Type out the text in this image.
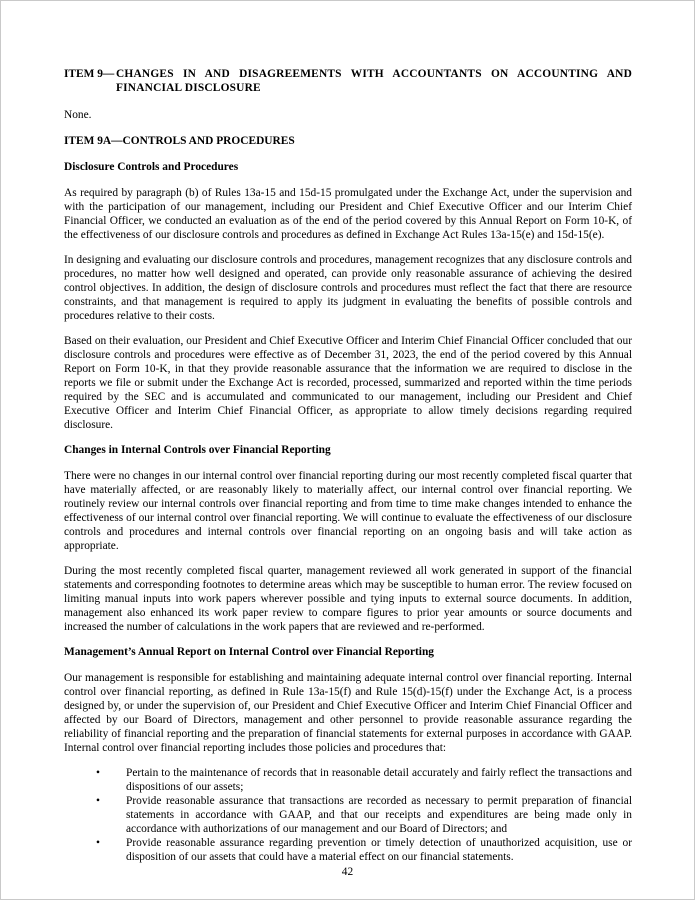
ITEM 9— CHANGES IN AND DISAGREEMENTS WITH ACCOUNTANTS ON ACCOUNTING AND FINANCIAL DISCLOSURE

None.

ITEM 9A—CONTROLS AND PROCEDURES
Disclosure Controls and Procedures

As required by paragraph (b) of Rules 13a-15 and 15d-15 promulgated under the Exchange Act, under the supervision and with the participation of our management, including our President and Chief Executive Officer and our Interim Chief Financial Officer, we conducted an evaluation as of the end of the period covered by this Annual Report on Form 10-K, of the effectiveness of our disclosure controls and procedures as defined in Exchange Act Rules 13a-15(e) and 15d-15(e).

In designing and evaluating our disclosure controls and procedures, management recognizes that any disclosure controls and procedures, no matter how well designed and operated, can provide only reasonable assurance of achieving the desired control objectives. In addition, the design of disclosure controls and procedures must reflect the fact that there are resource constraints, and that management is required to apply its judgment in evaluating the benefits of possible controls and procedures relative to their costs.

Based on their evaluation, our President and Chief Executive Officer and Interim Chief Financial Officer concluded that our disclosure controls and procedures were effective as of December 31, 2023, the end of the period covered by this Annual Report on Form 10-K, in that they provide reasonable assurance that the information we are required to disclose in the reports we file or submit under the Exchange Act is recorded, processed, summarized and reported within the time periods required by the SEC and is accumulated and communicated to our management, including our President and Chief Executive Officer and Interim Chief Financial Officer, as appropriate to allow timely decisions regarding required disclosure.

Changes in Internal Controls over Financial Reporting

There were no changes in our internal control over financial reporting during our most recently completed fiscal quarter that have materially affected, or are reasonably likely to materially affect, our internal control over financial reporting. We routinely review our internal controls over financial reporting and from time to time make changes intended to enhance the effectiveness of our internal control over financial reporting. We will continue to evaluate the effectiveness of our disclosure controls and procedures and internal controls over financial reporting on an ongoing basis and will take action as appropriate.

During the most recently completed fiscal quarter, management reviewed all work generated in support of the financial statements and corresponding footnotes to determine areas which may be susceptible to human error. The review focused on limiting manual inputs into work papers wherever possible and tying inputs to external source documents. In addition, management also enhanced its work paper review to compare figures to prior year amounts or source documents and increased the number of calculations in the work papers that are reviewed and re-performed.

Management’s Annual Report on Internal Control over Financial Reporting

Our management is responsible for establishing and maintaining adequate internal control over financial reporting. Internal control over financial reporting, as defined in Rule 13a-15(f) and Rule 15(d)-15(f) under the Exchange Act, is a process designed by, or under the supervision of, our President and Chief Executive Officer and Interim Chief Financial Officer and affected by our Board of Directors, management and other personnel to provide reasonable assurance regarding the reliability of financial reporting and the preparation of financial statements for external purposes in accordance with GAAP. Internal control over financial reporting includes those policies and procedures that:

•	Pertain to the maintenance of records that in reasonable detail accurately and fairly reflect the transactions and dispositions of our assets;
•	Provide reasonable assurance that transactions are recorded as necessary to permit preparation of financial statements in accordance with GAAP, and that our receipts and expenditures are being made only in accordance with authorizations of our management and our Board of Directors; and
•	Provide reasonable assurance regarding prevention or timely detection of unauthorized acquisition, use or disposition of our assets that could have a material effect on our financial statements.
42
